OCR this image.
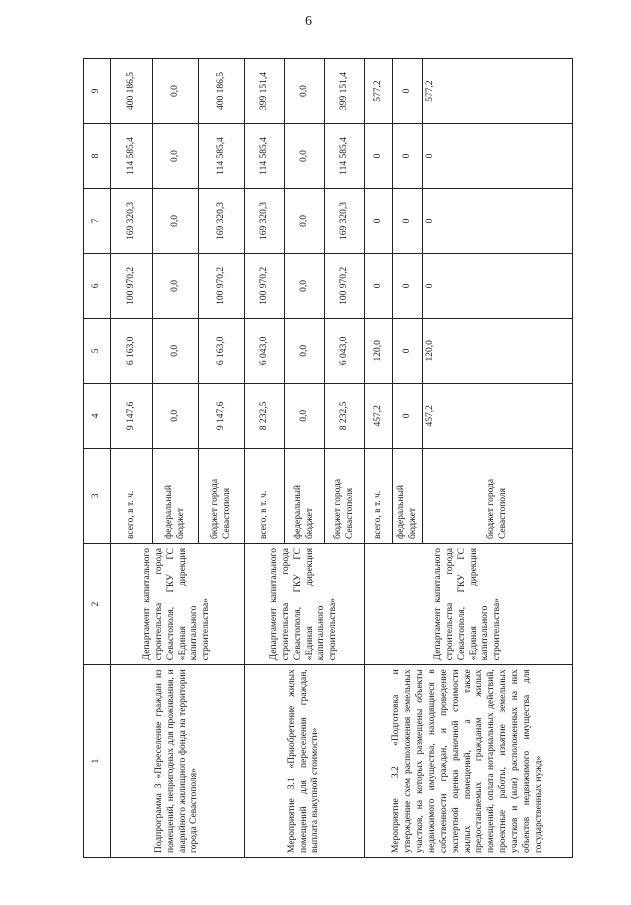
6
1	2	3	4	5	6	7	8	9
Подпрограмма 3 «Переселение граждан из помещений, непригодных для проживания, и аварийного жилищного фонда на территории города Севастополя»	Департамент капитального строительства города Севастополя, ГКУ ГС «Единая дирекция капитального строительства»	всего, в т. ч.	9 147,6	6 163,0	100 970,2	169 320,3	114 585,4	400 186,5
		федеральный бюджет	0,0	0,0	0,0	0,0	0,0	0,0
		бюджет города Севастополя	9 147,6	6 163,0	100 970,2	169 320,3	114 585,4	400 186,5
Мероприятие 3.1 «Приобретение жилых помещений для переселения граждан, выплата выкупной стоимости»	Департамент капитального строительства города Севастополя, ГКУ ГС «Единая дирекция капитального строительства»	всего, в т. ч.	8 232,5	6 043,0	100 970,2	169 320,3	114 585,4	399 151,4
		федеральный бюджет	0,0	0,0	0,0	0,0	0,0	0,0
		бюджет города Севастополя	8 232,5	6 043,0	100 970,2	169 320,3	114 585,4	399 151,4
Мероприятие 3.2 «Подготовка и утверждение схем расположения земельных участков, на которых размещены объекты недвижимого имущества, находящиеся в собственности граждан, и проведение экспертной оценки рыночной стоимости жилых помещений, а также предоставляемых гражданам жилых помещений, оплата нотариальных действий, проектные работы, изъятие земельных участков и (или) расположенных на них объектов недвижимого имущества для государственных нужд»	Департамент капитального строительства города Севастополя, ГКУ ГС «Единая дирекция капитального строительства»	всего, в т. ч.	457,2	120,0	0	0	0	577,2
		федеральный бюджет	0	0	0	0	0	0
		бюджет города Севастополя	457,2	120,0	0	0	0	577,2
